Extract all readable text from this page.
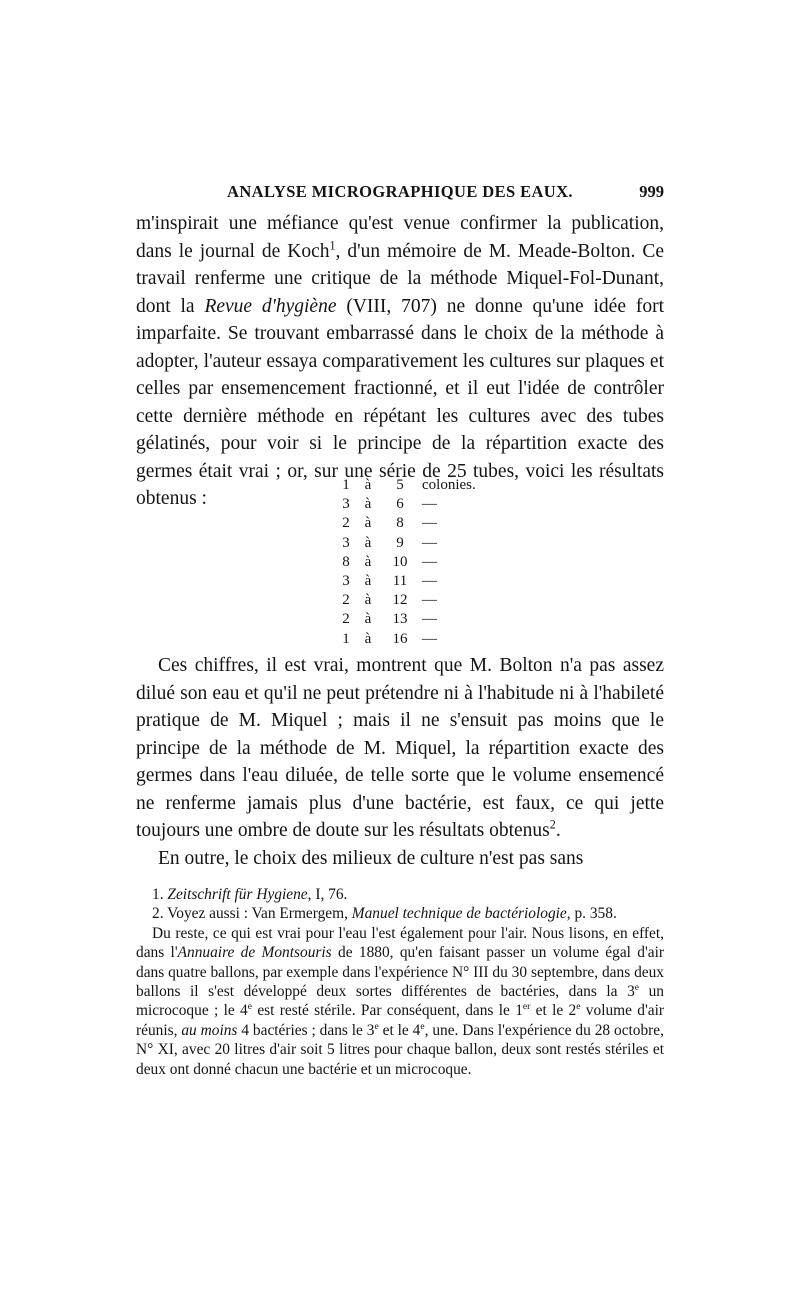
ANALYSE MICROGRAPHIQUE DES EAUX.	999

m'inspirait une méfiance qu'est venue confirmer la publication, dans le journal de Koch$^1$, d'un mémoire de M. Meade-Bolton. Ce travail renferme une critique de la méthode Miquel-Fol-Dunant, dont la Revue d'hygiène (VIII, 707) ne donne qu'une idée fort imparfaite. Se trouvant embarrassé dans le choix de la méthode à adopter, l'auteur essaya comparativement les cultures sur plaques et celles par ensemencement fractionné, et il eut l'idée de contrôler cette dernière méthode en répétant les cultures avec des tubes gélatinés, pour voir si le principe de la répartition exacte des germes était vrai ; or, sur une série de 25 tubes, voici les résultats obtenus :

1 à	5	colonies.
3 à	6	—
2 à	8	—
3 à	9	—
8 à	10 —
3 à	11 —
2 à	12 —
2 à	13 —
1 à	16 —

Ces chiffres, il est vrai, montrent que M. Bolton n'a pas assez dilué son eau et qu'il ne peut prétendre ni à l'habitude ni à l'habileté pratique de M. Miquel ; mais il ne s'ensuit pas moins que le principe de la méthode de M. Miquel, la répartition exacte des germes dans l'eau diluée, de telle sorte que le volume ensemencé ne renferme jamais plus d'une bactérie, est faux, ce qui jette toujours une ombre de doute sur les résultats obtenus$^2$.

En outre, le choix des milieux de culture n'est pas sans

1. Zeitschrift für Hygiene, I, 76.

2. Voyez aussi : Van Ermergem, Manuel technique de bactériologie, p. 358.

Du reste, ce qui est vrai pour l'eau l'est également pour l'air. Nous lisons, en effet, dans l'Annuaire de Montsouris de 1880, qu'en faisant passer un volume égal d'air dans quatre ballons, par exemple dans l'expérience N° III du 30 septembre, dans deux ballons il s'est développé deux sortes différentes de bactéries, dans la 3e un microcoque ; le 4e est resté stérile. Par conséquent, dans le 1er et le 2e volume d'air réunis, au moins 4 bactéries ; dans le 3e et le 4e, une. Dans l'expérience du 28 octobre, N° XI, avec 20 litres d'air soit 5 litres pour chaque ballon, deux sont restés stériles et deux ont donné chacun une bactérie et un microcoque.
